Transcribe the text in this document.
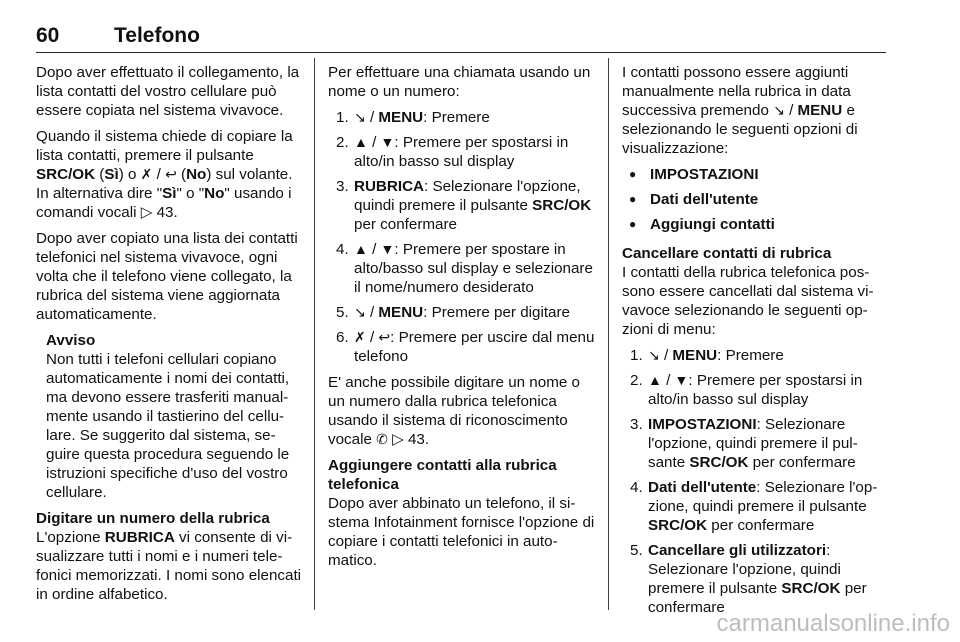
60	Telefono

Dopo aver effettuato il collegamento, la lista contatti del vostro cellulare può essere copiata nel sistema vivavoce.

Quando il sistema chiede di copiare la lista contatti, premere il pulsante SRC/OK (Sì) o ✗ / ↩ (No) sul volante. In alternativa dire "Sì" o "No" usando i comandi vocali ▷ 43.

Dopo aver copiato una lista dei contatti telefonici nel sistema vivavoce, ogni volta che il telefono viene collegato, la rubrica del sistema viene aggiornata automaticamente.

Avviso
Non tutti i telefoni cellulari copiano automaticamente i nomi dei contatti, ma devono essere trasferiti manualmente usando il tastierino del cellulare. Se suggerito dal sistema, seguire questa procedura seguendo le istruzioni specifiche d'uso del vostro cellulare.
Digitare un numero della rubrica

L'opzione RUBRICA vi consente di visualizzare tutti i nomi e i numeri telefonici memorizzati. I nomi sono elencati in ordine alfabetico.

Per effettuare una chiamata usando un nome o un numero:

1. ↘ / MENU: Premere
2. ▲ / ▼: Premere per spostarsi in alto/in basso sul display
3. RUBRICA: Selezionare l'opzione, quindi premere il pulsante SRC/OK per confermare
4. ▲ / ▼: Premere per spostare in alto/basso sul display e selezionare il nome/numero desiderato
5. ↘ / MENU: Premere per digitare
6. ✗ / ↩: Premere per uscire dal menu telefono

E' anche possibile digitare un nome o un numero dalla rubrica telefonica usando il sistema di riconoscimento vocale ✆ ▷ 43.

Aggiungere contatti alla rubrica telefonica

Dopo aver abbinato un telefono, il sistema Infotainment fornisce l'opzione di copiare i contatti telefonici in automatico.

I contatti possono essere aggiunti manualmente nella rubrica in data successiva premendo ↘ / MENU e selezionando le seguenti opzioni di visualizzazione:

● IMPOSTAZIONI
● Dati dell'utente
● Aggiungi contatti
Cancellare contatti di rubrica

I contatti della rubrica telefonica possono essere cancellati dal sistema vivavoce selezionando le seguenti opzioni di menu:

1. ↘ / MENU: Premere
2. ▲ / ▼: Premere per spostarsi in alto/in basso sul display
3. IMPOSTAZIONI: Selezionare l'opzione, quindi premere il pulsante SRC/OK per confermare
4. Dati dell'utente: Selezionare l'opzione, quindi premere il pulsante SRC/OK per confermare
5. Cancellare gli utilizzatori: Selezionare l'opzione, quindi premere il pulsante SRC/OK per confermare
carmanualsonline.info
